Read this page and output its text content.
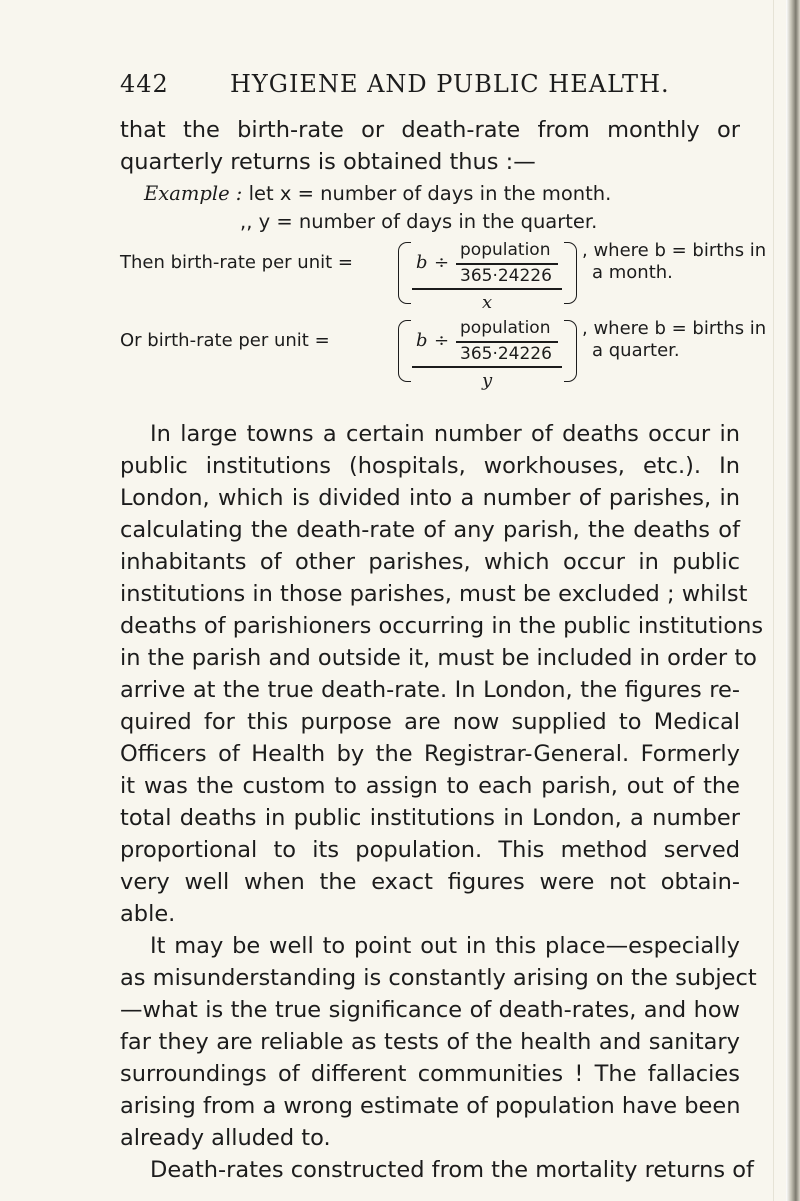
442	HYGIENE AND PUBLIC HEALTH.
that the birth-rate or death-rate from monthly or
quarterly returns is obtained thus :—
Example : let x = number of days in the month.
,, y = number of days in the quarter.
Then birth-rate per unit =	b ÷
population
365·24226
x
, where b = births in
a month.
Or birth-rate per unit =	b ÷
population
365·24226
y
, where b = births in
a quarter.
In large towns a certain number of deaths occur in
public institutions (hospitals, workhouses, etc.). In
London, which is divided into a number of parishes, in
calculating the death-rate of any parish, the deaths of
inhabitants of other parishes, which occur in public
institutions in those parishes, must be excluded ; whilst
deaths of parishioners occurring in the public institutions
in the parish and outside it, must be included in order to
arrive at the true death-rate. In London, the figures re-
quired for this purpose are now supplied to Medical
Officers of Health by the Registrar-General. Formerly
it was the custom to assign to each parish, out of the
total deaths in public institutions in London, a number
proportional to its population. This method served
very well when the exact figures were not obtain-
able.
It may be well to point out in this place—especially
as misunderstanding is constantly arising on the subject
—what is the true significance of death-rates, and how
far they are reliable as tests of the health and sanitary
surroundings of different communities ! The fallacies
arising from a wrong estimate of population have been
already alluded to.
Death-rates constructed from the mortality returns of
